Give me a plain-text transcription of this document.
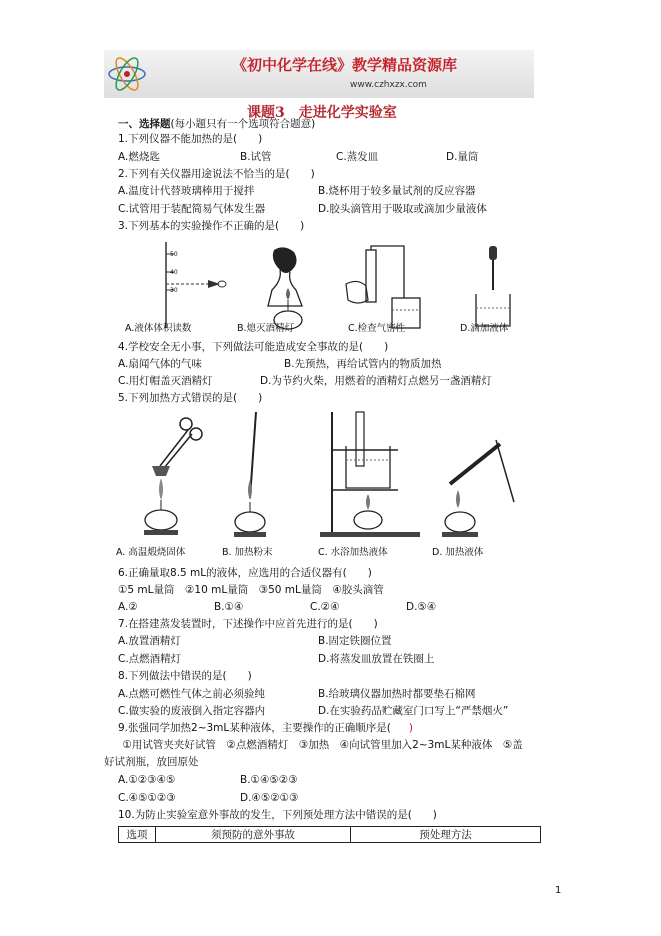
《初中化学在线》教学精品资源库
www.czhxzx.com
课题3　走进化学实验室
一、选择题(每小题只有一个选项符合题意)
1.下列仪器不能加热的是(　　)
A.燃烧匙	B.试管	C.蒸发皿	D.量筒
2.下列有关仪器用途说法不恰当的是(　　)
A.温度计代替玻璃棒用于搅拌	B.烧杯用于较多量试剂的反应容器
C.试管用于装配简易气体发生器	D.胶头滴管用于吸取或滴加少量液体
3.下列基本的实验操作不正确的是(　　)
50
40
30
A.液体体积读数	B.熄灭酒精灯	C.检查气密性	D.滴加液体
4.学校安全无小事，下列做法可能造成安全事故的是(　　)
A.扇闻气体的气味	B.先预热，再给试管内的物质加热
C.用灯帽盖灭酒精灯	D.为节约火柴，用燃着的酒精灯点燃另一盏酒精灯
5.下列加热方式错误的是(　　)
A. 高温煅烧固体	B. 加热粉末	C. 水浴加热液体	D. 加热液体
6.正确量取8.5 mL的液体，应选用的合适仪器有(　　)
①5 mL量筒　②10 mL量筒　③50 mL量筒　④胶头滴管
A.②	B.①④	C.②④	D.⑤④
7.在搭建蒸发装置时，下述操作中应首先进行的是(　　)
A.放置酒精灯	B.固定铁圈位置
C.点燃酒精灯	D.将蒸发皿放置在铁圈上
8.下列做法中错误的是(　　)
A.点燃可燃性气体之前必须验纯	B.给玻璃仪器加热时都要垫石棉网
C.做实验的废液倒入指定容器内	D.在实验药品贮藏室门口写上“严禁烟火”
9.张强同学加热2~3mL某种液体，主要操作的正确顺序是( )
　①用试管夹夹好试管　②点燃酒精灯　③加热　④向试管里加入2~3mL某种液体　⑤盖
好试剂瓶，放回原处
A.①②③④⑤	B.①④⑤②③
C.④⑤①②③	D.④⑤②①③
10.为防止实验室意外事故的发生，下列预处理方法中错误的是(　　)
选项	须预防的意外事故	预处理方法
1
